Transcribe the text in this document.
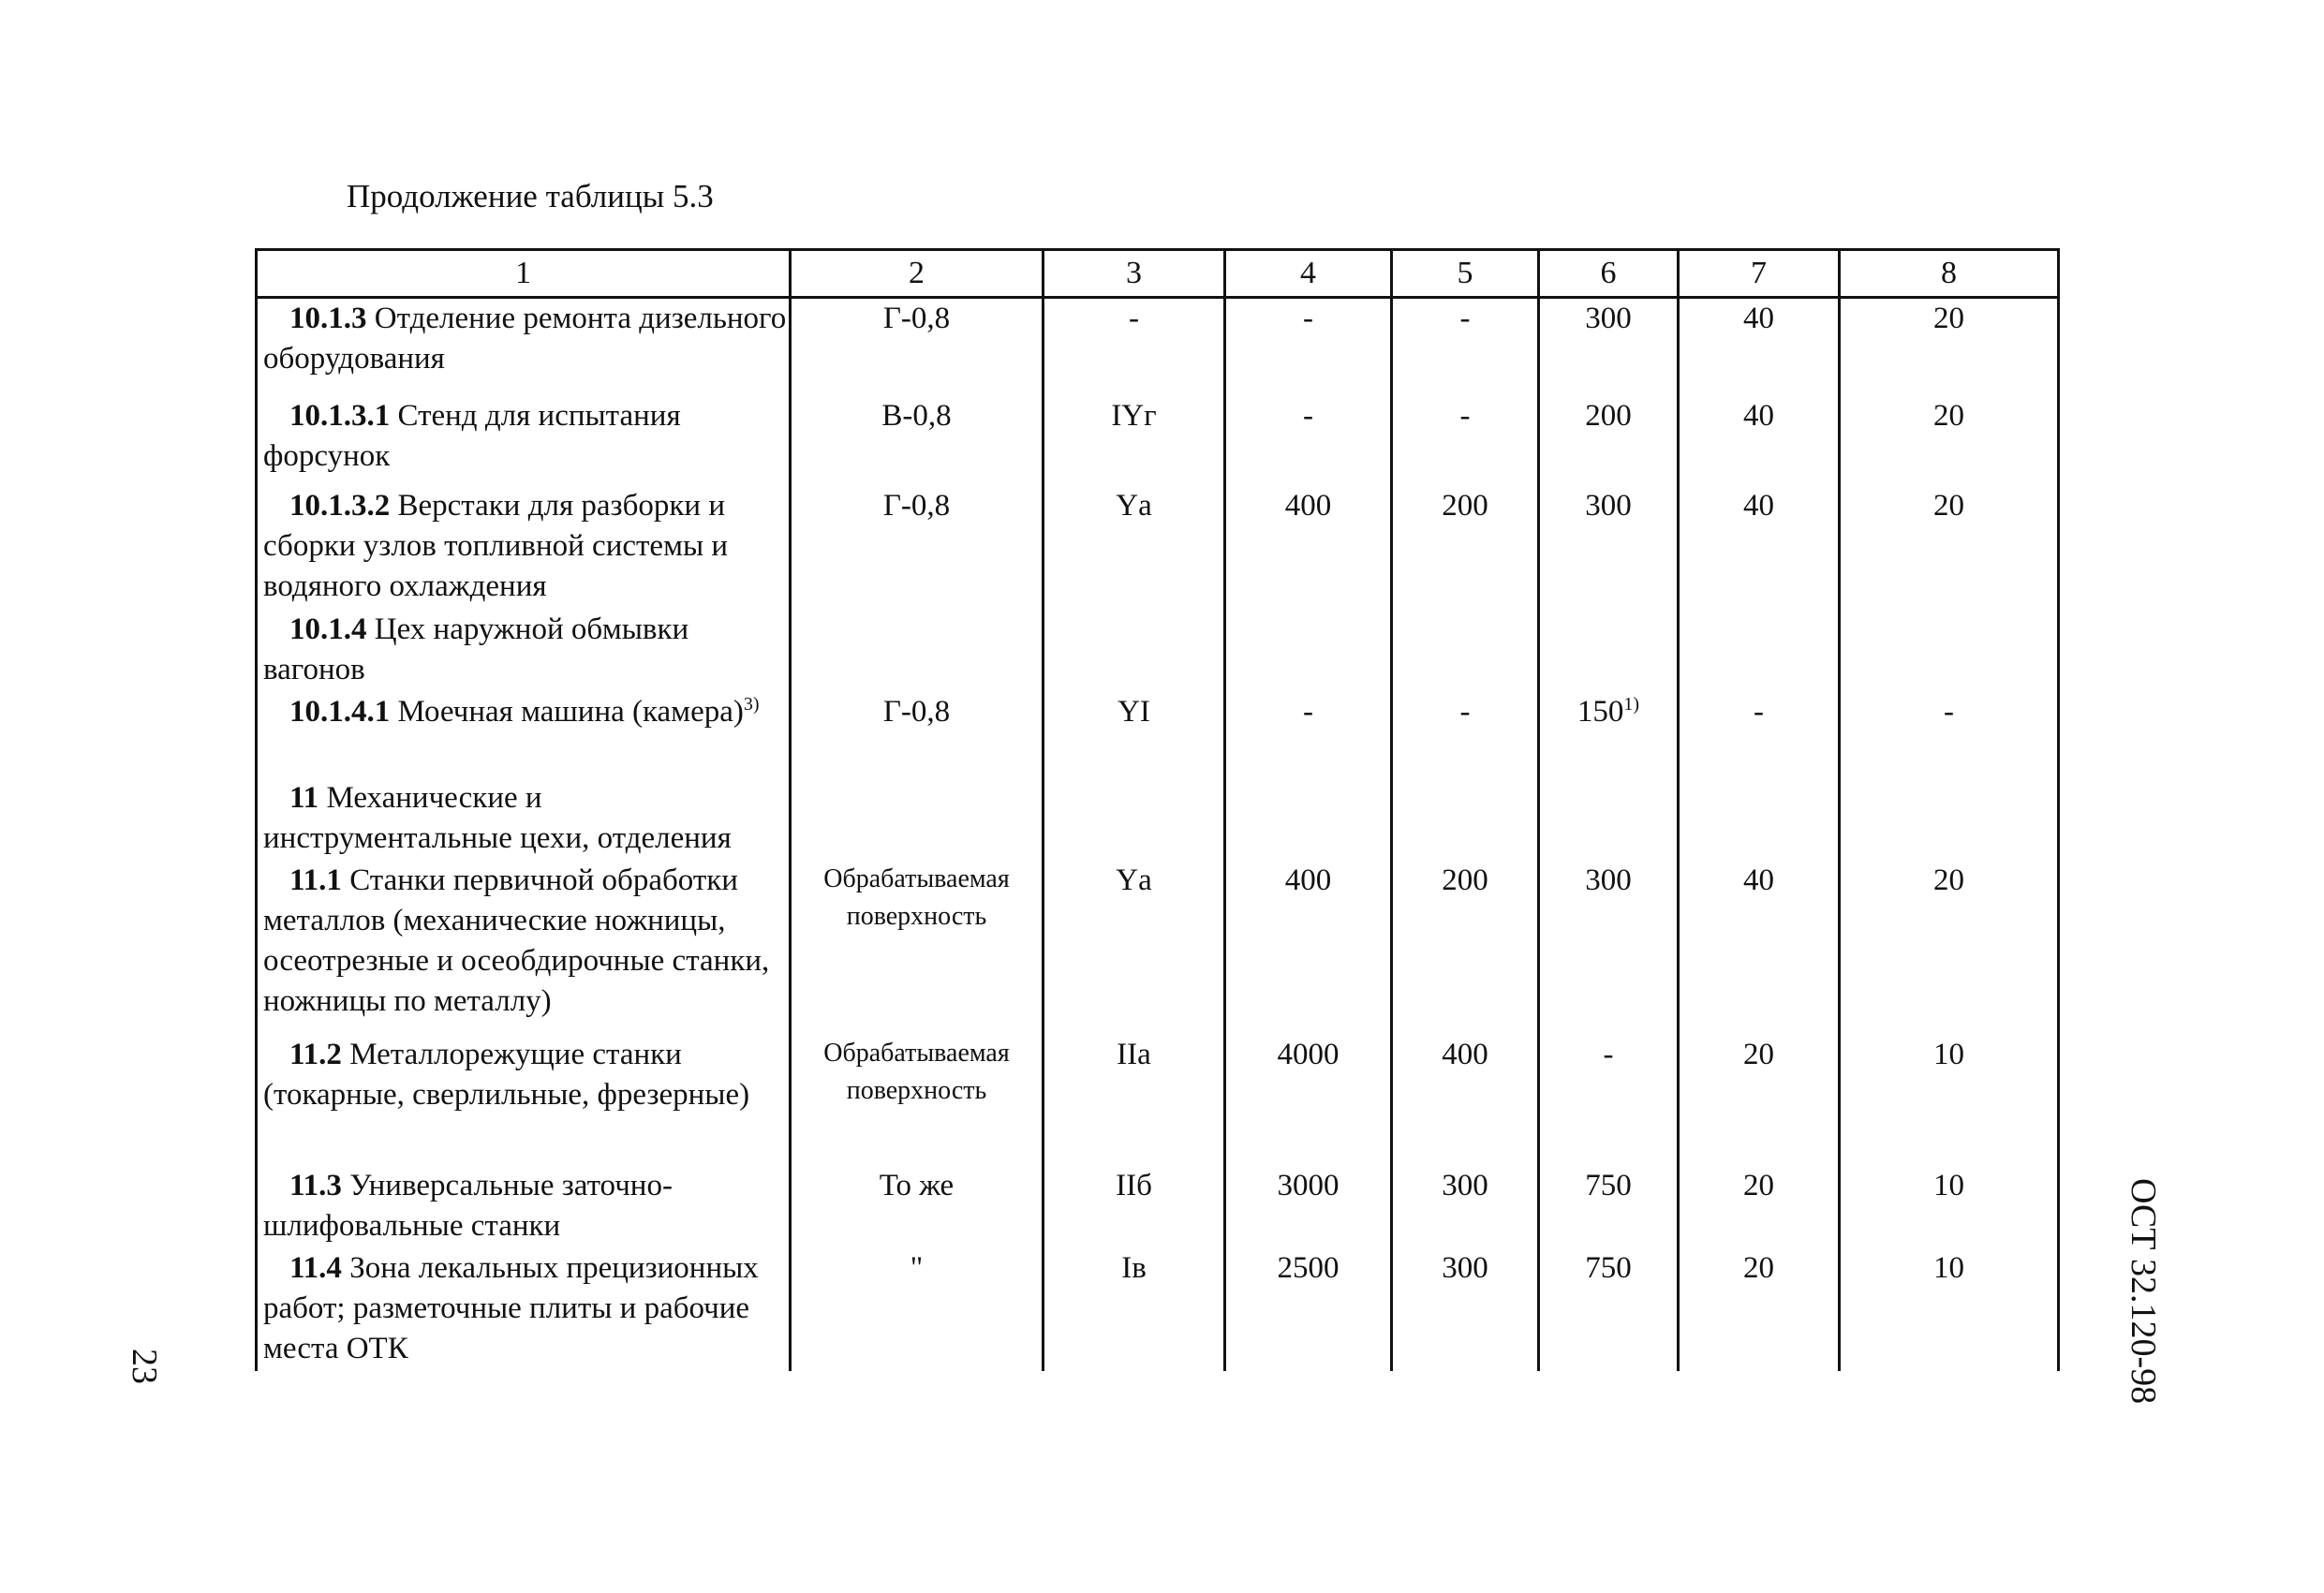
Продолжение таблицы 5.3
1	2	3	4	5	6	7	8
10.1.3 Отделение ремонта дизельного оборудования	Г-0,8	-	-	-	300	40	20
10.1.3.1 Стенд для испытания форсунок	В-0,8	IYг	-	-	200	40	20
10.1.3.2 Верстаки для разборки и сборки узлов топливной системы и водяного охлаждения	Г-0,8	Yа	400	200	300	40	20
10.1.4 Цех наружной обмывки вагонов							
10.1.4.1 Моечная машина (камера)$^{3)}$	Г-0,8	YI	-	-	150$^{1)}$	-	-
11 Механические и инструментальные цехи, отделения							
11.1 Станки первичной обработки металлов (механические ножницы, осеотрезные и осеобдирочные станки, ножницы по металлу)	Обрабатываемая поверхность	Yа	400	200	300	40	20
11.2 Металлорежущие станки (токарные, сверлильные, фрезерные)	Обрабатываемая поверхность	IIа	4000	400	-	20	10
11.3 Универсальные заточно-шлифовальные станки	То же	IIб	3000	300	750	20	10
11.4 Зона лекальных прецизионных работ; разметочные плиты и рабочие места ОТК	"	Iв	2500	300	750	20	10
23	ОСТ 32.120-98
